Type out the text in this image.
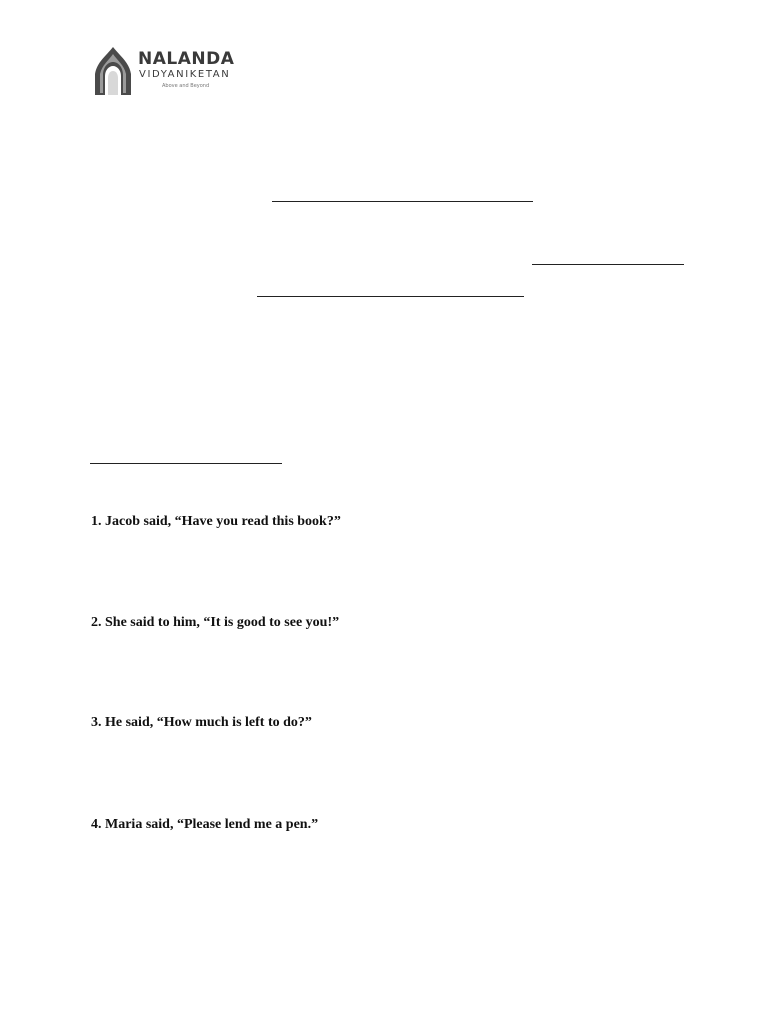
NALANDA
VIDYANIKETAN
Above and Beyond
1. Jacob said, “Have you read this book?”
2. She said to him, “It is good to see you!”
3. He said, “How much is left to do?”
4. Maria said, “Please lend me a pen.”
